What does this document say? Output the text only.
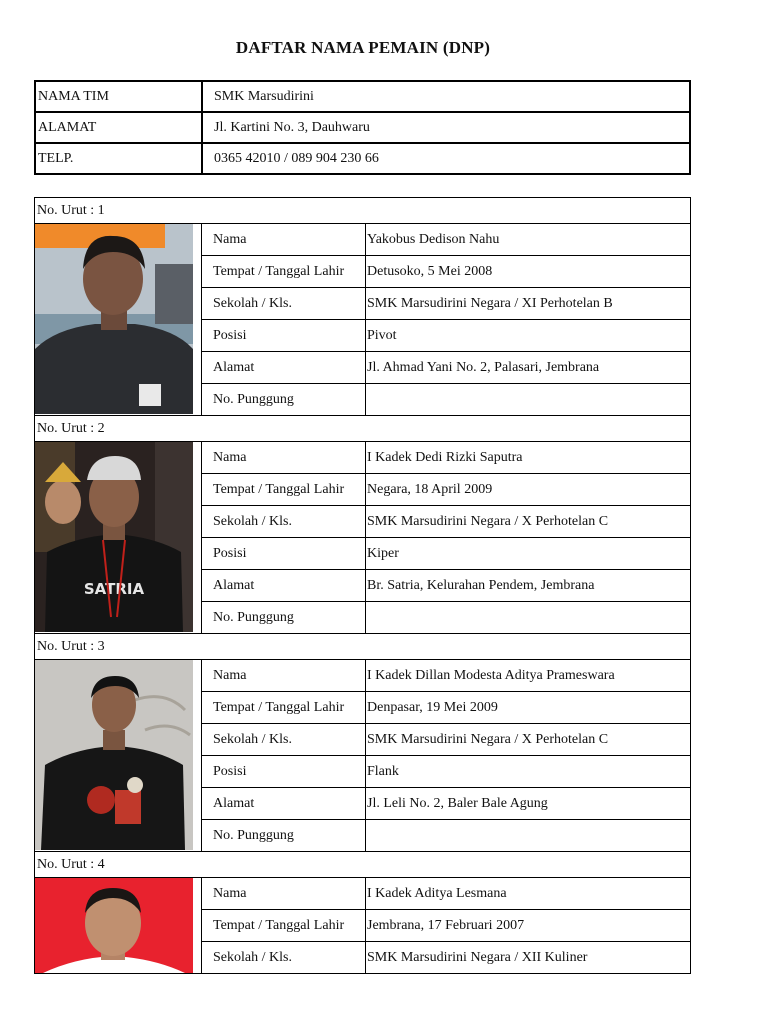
DAFTAR NAMA PEMAIN (DNP)
NAMA TIM	SMK Marsudirini
ALAMAT	Jl. Kartini No. 3, Dauhwaru
TELP.	0365 42010 / 089 904 230 66
No. Urut : 1		

	Nama	Yakobus Dedison Nahu
	Tempat / Tanggal Lahir	Detusoko, 5 Mei 2008
	Sekolah / Kls.	SMK Marsudirini Negara / XI Perhotelan B
	Posisi	Pivot
	Alamat	Jl. Ahmad Yani No. 2, Palasari, Jembrana
	No. Punggung	
No. Urut : 2		

SATRIA	Nama	I Kadek Dedi Rizki Saputra
	Tempat / Tanggal Lahir	Negara, 18 April 2009
	Sekolah / Kls.	SMK Marsudirini Negara / X Perhotelan C
	Posisi	Kiper
	Alamat	Br. Satria, Kelurahan Pendem, Jembrana
	No. Punggung	
No. Urut : 3		

	Nama	I Kadek Dillan Modesta Aditya Prameswara
	Tempat / Tanggal Lahir	Denpasar, 19 Mei 2009
	Sekolah / Kls.	SMK Marsudirini Negara / X Perhotelan C
	Posisi	Flank
	Alamat	Jl. Leli No. 2, Baler Bale Agung
	No. Punggung	
No. Urut : 4		

	Nama	I Kadek Aditya Lesmana
	Tempat / Tanggal Lahir	Jembrana, 17 Februari 2007
	Sekolah / Kls.	SMK Marsudirini Negara / XII Kuliner
